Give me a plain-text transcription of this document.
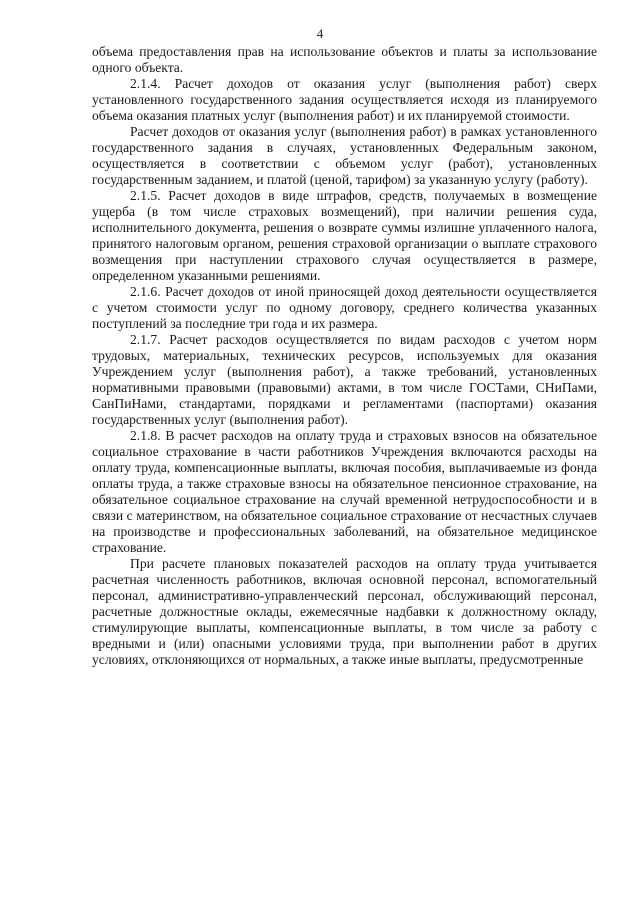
4

объема предоставления прав на использование объектов и платы за использование одного объекта.

2.1.4. Расчет доходов от оказания услуг (выполнения работ) сверх установленного государственного задания осуществляется исходя из планируемого объема оказания платных услуг (выполнения работ) и их планируемой стоимости.

Расчет доходов от оказания услуг (выполнения работ) в рамках установленного государственного задания в случаях, установленных Федеральным законом, осуществляется в соответствии с объемом услуг (работ), установленных государственным заданием, и платой (ценой, тарифом) за указанную услугу (работу).

2.1.5. Расчет доходов в виде штрафов, средств, получаемых в возмещение ущерба (в том числе страховых возмещений), при наличии решения суда, исполнительного документа, решения о возврате суммы излишне уплаченного налога, принятого налоговым органом, решения страховой организации о выплате страхового возмещения при наступлении страхового случая осуществляется в размере, определенном указанными решениями.

2.1.6. Расчет доходов от иной приносящей доход деятельности осуществляется с учетом стоимости услуг по одному договору, среднего количества указанных поступлений за последние три года и их размера.

2.1.7. Расчет расходов осуществляется по видам расходов с учетом норм трудовых, материальных, технических ресурсов, используемых для оказания Учреждением услуг (выполнения работ), а также требований, установленных нормативными правовыми (правовыми) актами, в том числе ГОСТами, СНиПами, СанПиНами, стандартами, порядками и регламентами (паспортами) оказания государственных услуг (выполнения работ).

2.1.8. В расчет расходов на оплату труда и страховых взносов на обязательное социальное страхование в части работников Учреждения включаются расходы на оплату труда, компенсационные выплаты, включая пособия, выплачиваемые из фонда оплаты труда, а также страховые взносы на обязательное пенсионное страхование, на обязательное социальное страхование на случай временной нетрудоспособности и в связи с материнством, на обязательное социальное страхование от несчастных случаев на производстве и профессиональных заболеваний, на обязательное медицинское страхование.

При расчете плановых показателей расходов на оплату труда учитывается расчетная численность работников, включая основной персонал, вспомогательный персонал, административно-управленческий персонал, обслуживающий персонал, расчетные должностные оклады, ежемесячные надбавки к должностному окладу, стимулирующие выплаты, компенсационные выплаты, в том числе за работу с вредными и (или) опасными условиями труда, при выполнении работ в других условиях, отклоняющихся от нормальных, а также иные выплаты, предусмотренные
